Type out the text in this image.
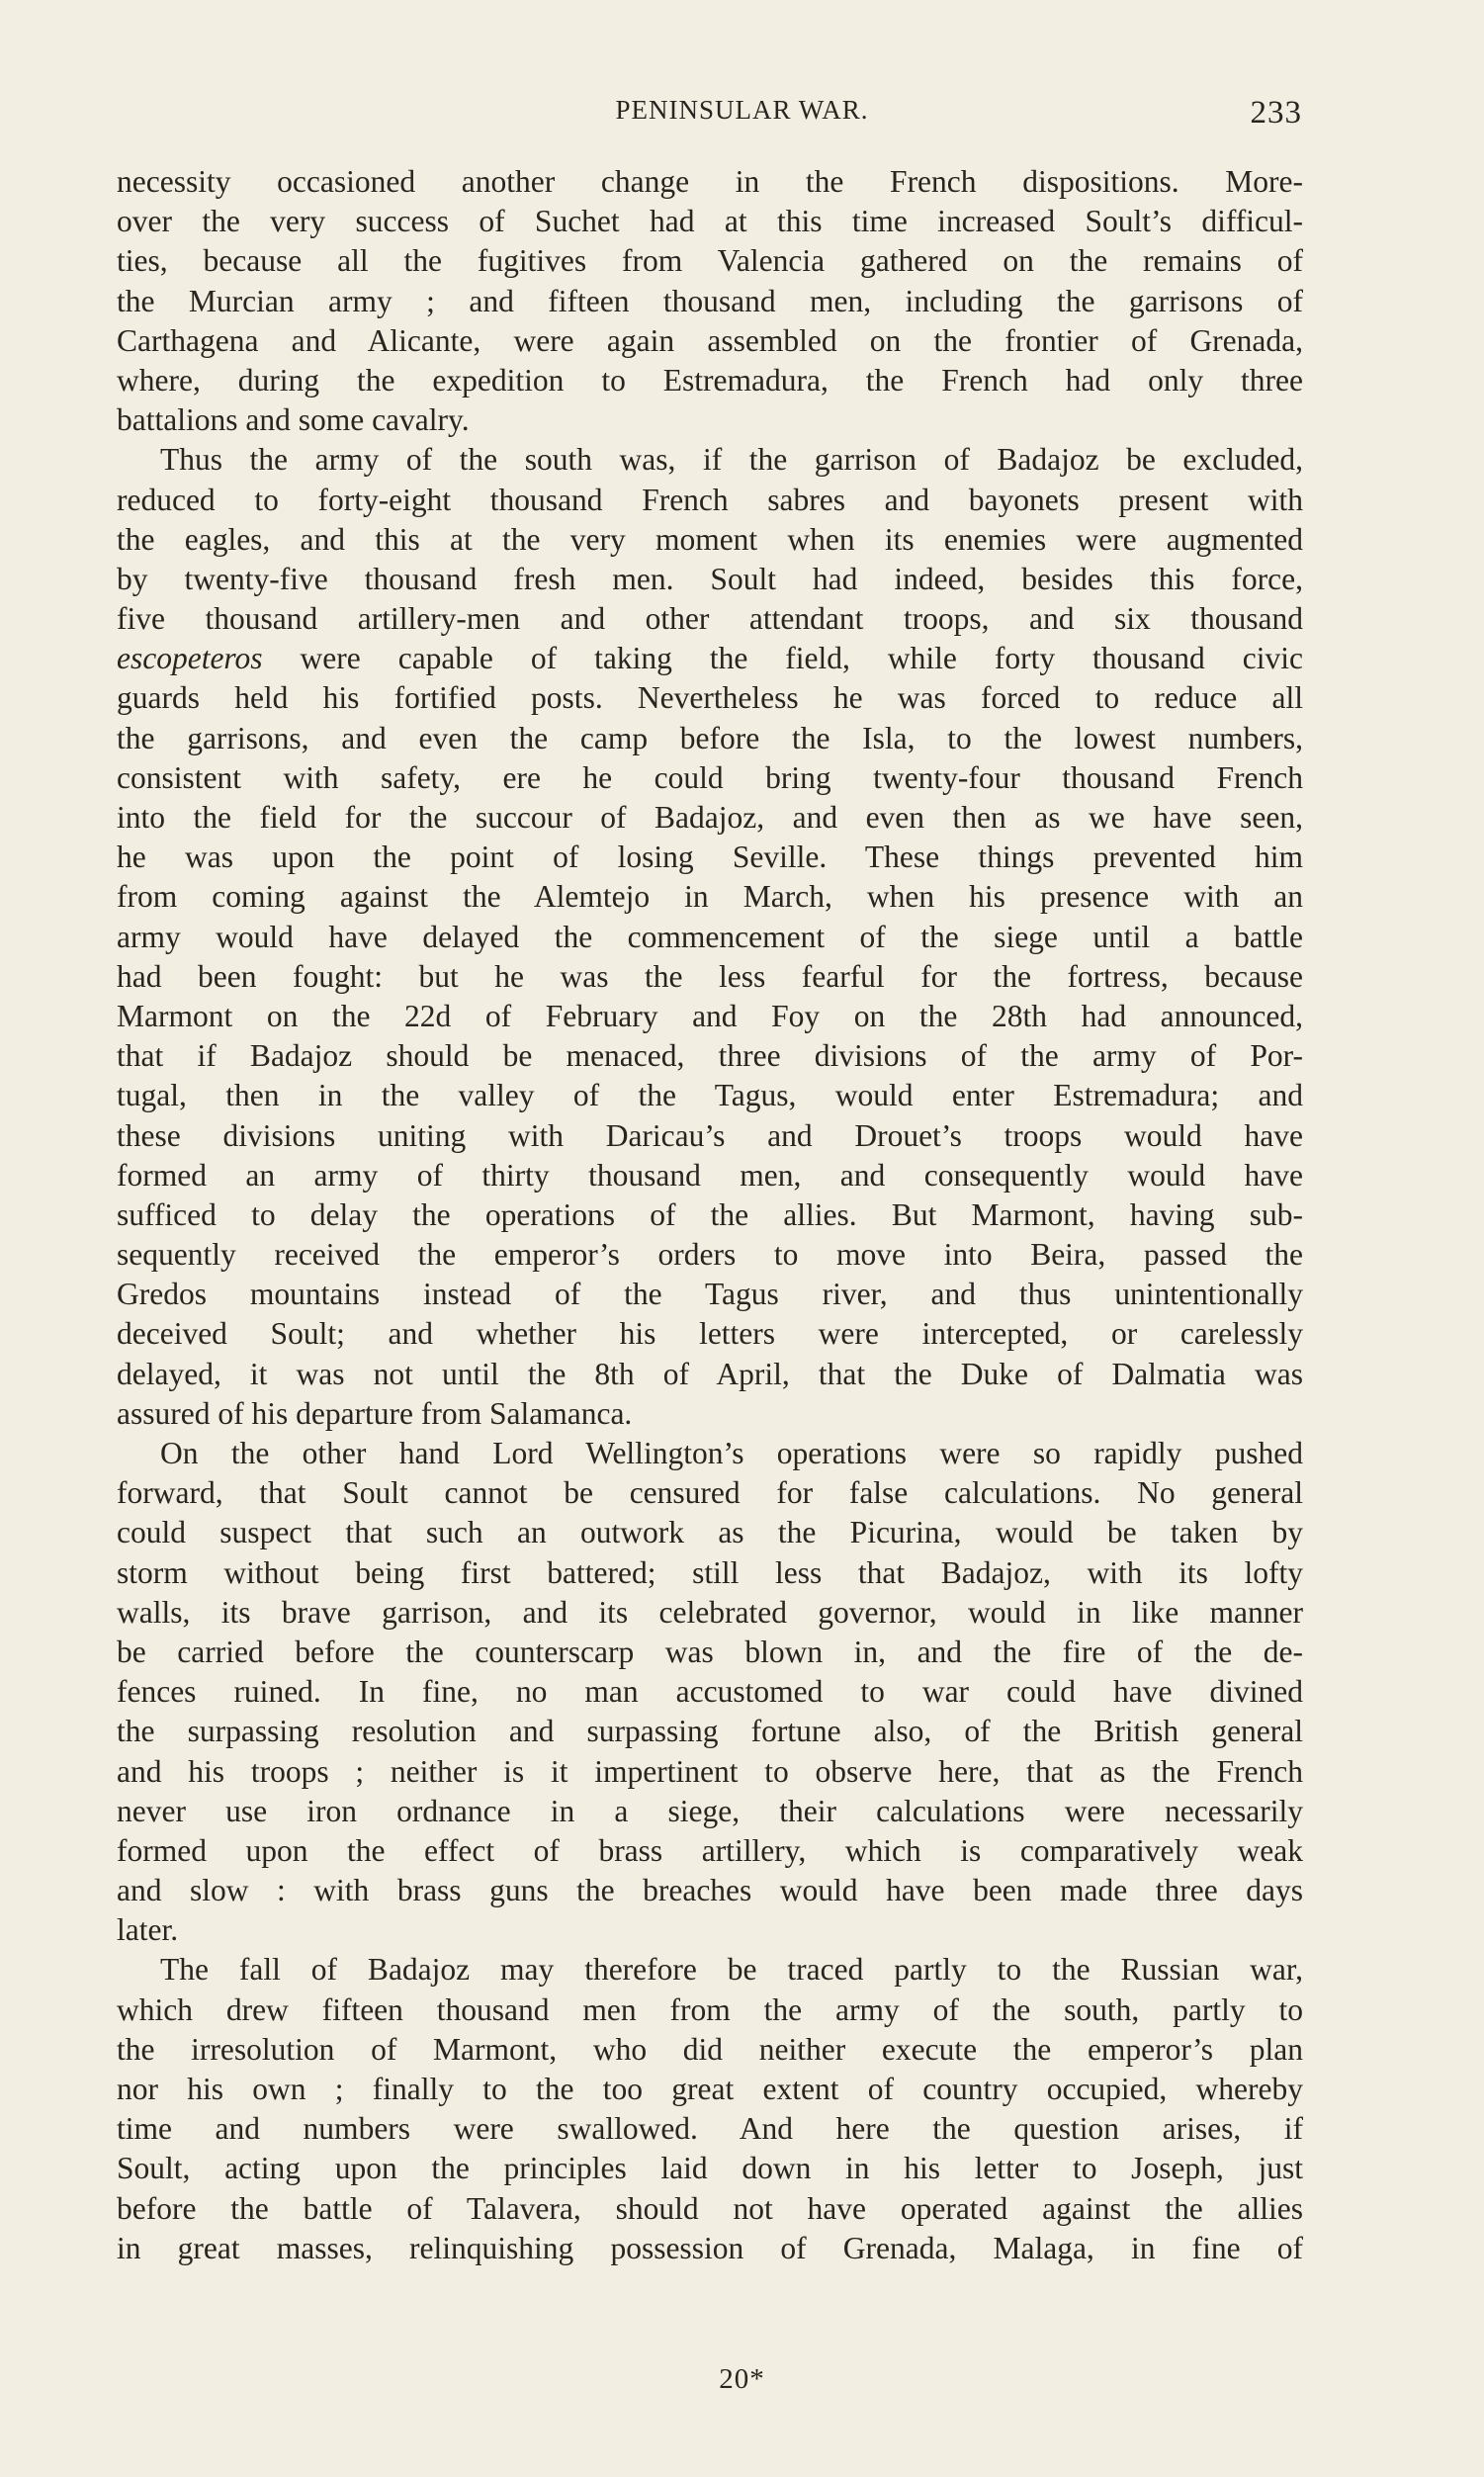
PENINSULAR WAR.	233
necessity occasioned another change in the French dispositions. More-
over the very success of Suchet had at this time increased Soult’s difficul-
ties, because all the fugitives from Valencia gathered on the remains of
the Murcian army ; and fifteen thousand men, including the garrisons of
Carthagena and Alicante, were again assembled on the frontier of Grenada,
where, during the expedition to Estremadura, the French had only three
battalions and some cavalry.
Thus the army of the south was, if the garrison of Badajoz be excluded,
reduced to forty-eight thousand French sabres and bayonets present with
the eagles, and this at the very moment when its enemies were augmented
by twenty-five thousand fresh men. Soult had indeed, besides this force,
five thousand artillery-men and other attendant troops, and six thousand
escopeteros were capable of taking the field, while forty thousand civic
guards held his fortified posts. Nevertheless he was forced to reduce all
the garrisons, and even the camp before the Isla, to the lowest numbers,
consistent with safety, ere he could bring twenty-four thousand French
into the field for the succour of Badajoz, and even then as we have seen,
he was upon the point of losing Seville. These things prevented him
from coming against the Alemtejo in March, when his presence with an
army would have delayed the commencement of the siege until a battle
had been fought: but he was the less fearful for the fortress, because
Marmont on the 22d of February and Foy on the 28th had announced,
that if Badajoz should be menaced, three divisions of the army of Por-
tugal, then in the valley of the Tagus, would enter Estremadura; and
these divisions uniting with Daricau’s and Drouet’s troops would have
formed an army of thirty thousand men, and consequently would have
sufficed to delay the operations of the allies. But Marmont, having sub-
sequently received the emperor’s orders to move into Beira, passed the
Gredos mountains instead of the Tagus river, and thus unintentionally
deceived Soult; and whether his letters were intercepted, or carelessly
delayed, it was not until the 8th of April, that the Duke of Dalmatia was
assured of his departure from Salamanca.
On the other hand Lord Wellington’s operations were so rapidly pushed
forward, that Soult cannot be censured for false calculations. No general
could suspect that such an outwork as the Picurina, would be taken by
storm without being first battered; still less that Badajoz, with its lofty
walls, its brave garrison, and its celebrated governor, would in like manner
be carried before the counterscarp was blown in, and the fire of the de-
fences ruined. In fine, no man accustomed to war could have divined
the surpassing resolution and surpassing fortune also, of the British general
and his troops ; neither is it impertinent to observe here, that as the French
never use iron ordnance in a siege, their calculations were necessarily
formed upon the effect of brass artillery, which is comparatively weak
and slow : with brass guns the breaches would have been made three days
later.
The fall of Badajoz may therefore be traced partly to the Russian war,
which drew fifteen thousand men from the army of the south, partly to
the irresolution of Marmont, who did neither execute the emperor’s plan
nor his own ; finally to the too great extent of country occupied, whereby
time and numbers were swallowed. And here the question arises, if
Soult, acting upon the principles laid down in his letter to Joseph, just
before the battle of Talavera, should not have operated against the allies
in great masses, relinquishing possession of Grenada, Malaga, in fine of
20*
